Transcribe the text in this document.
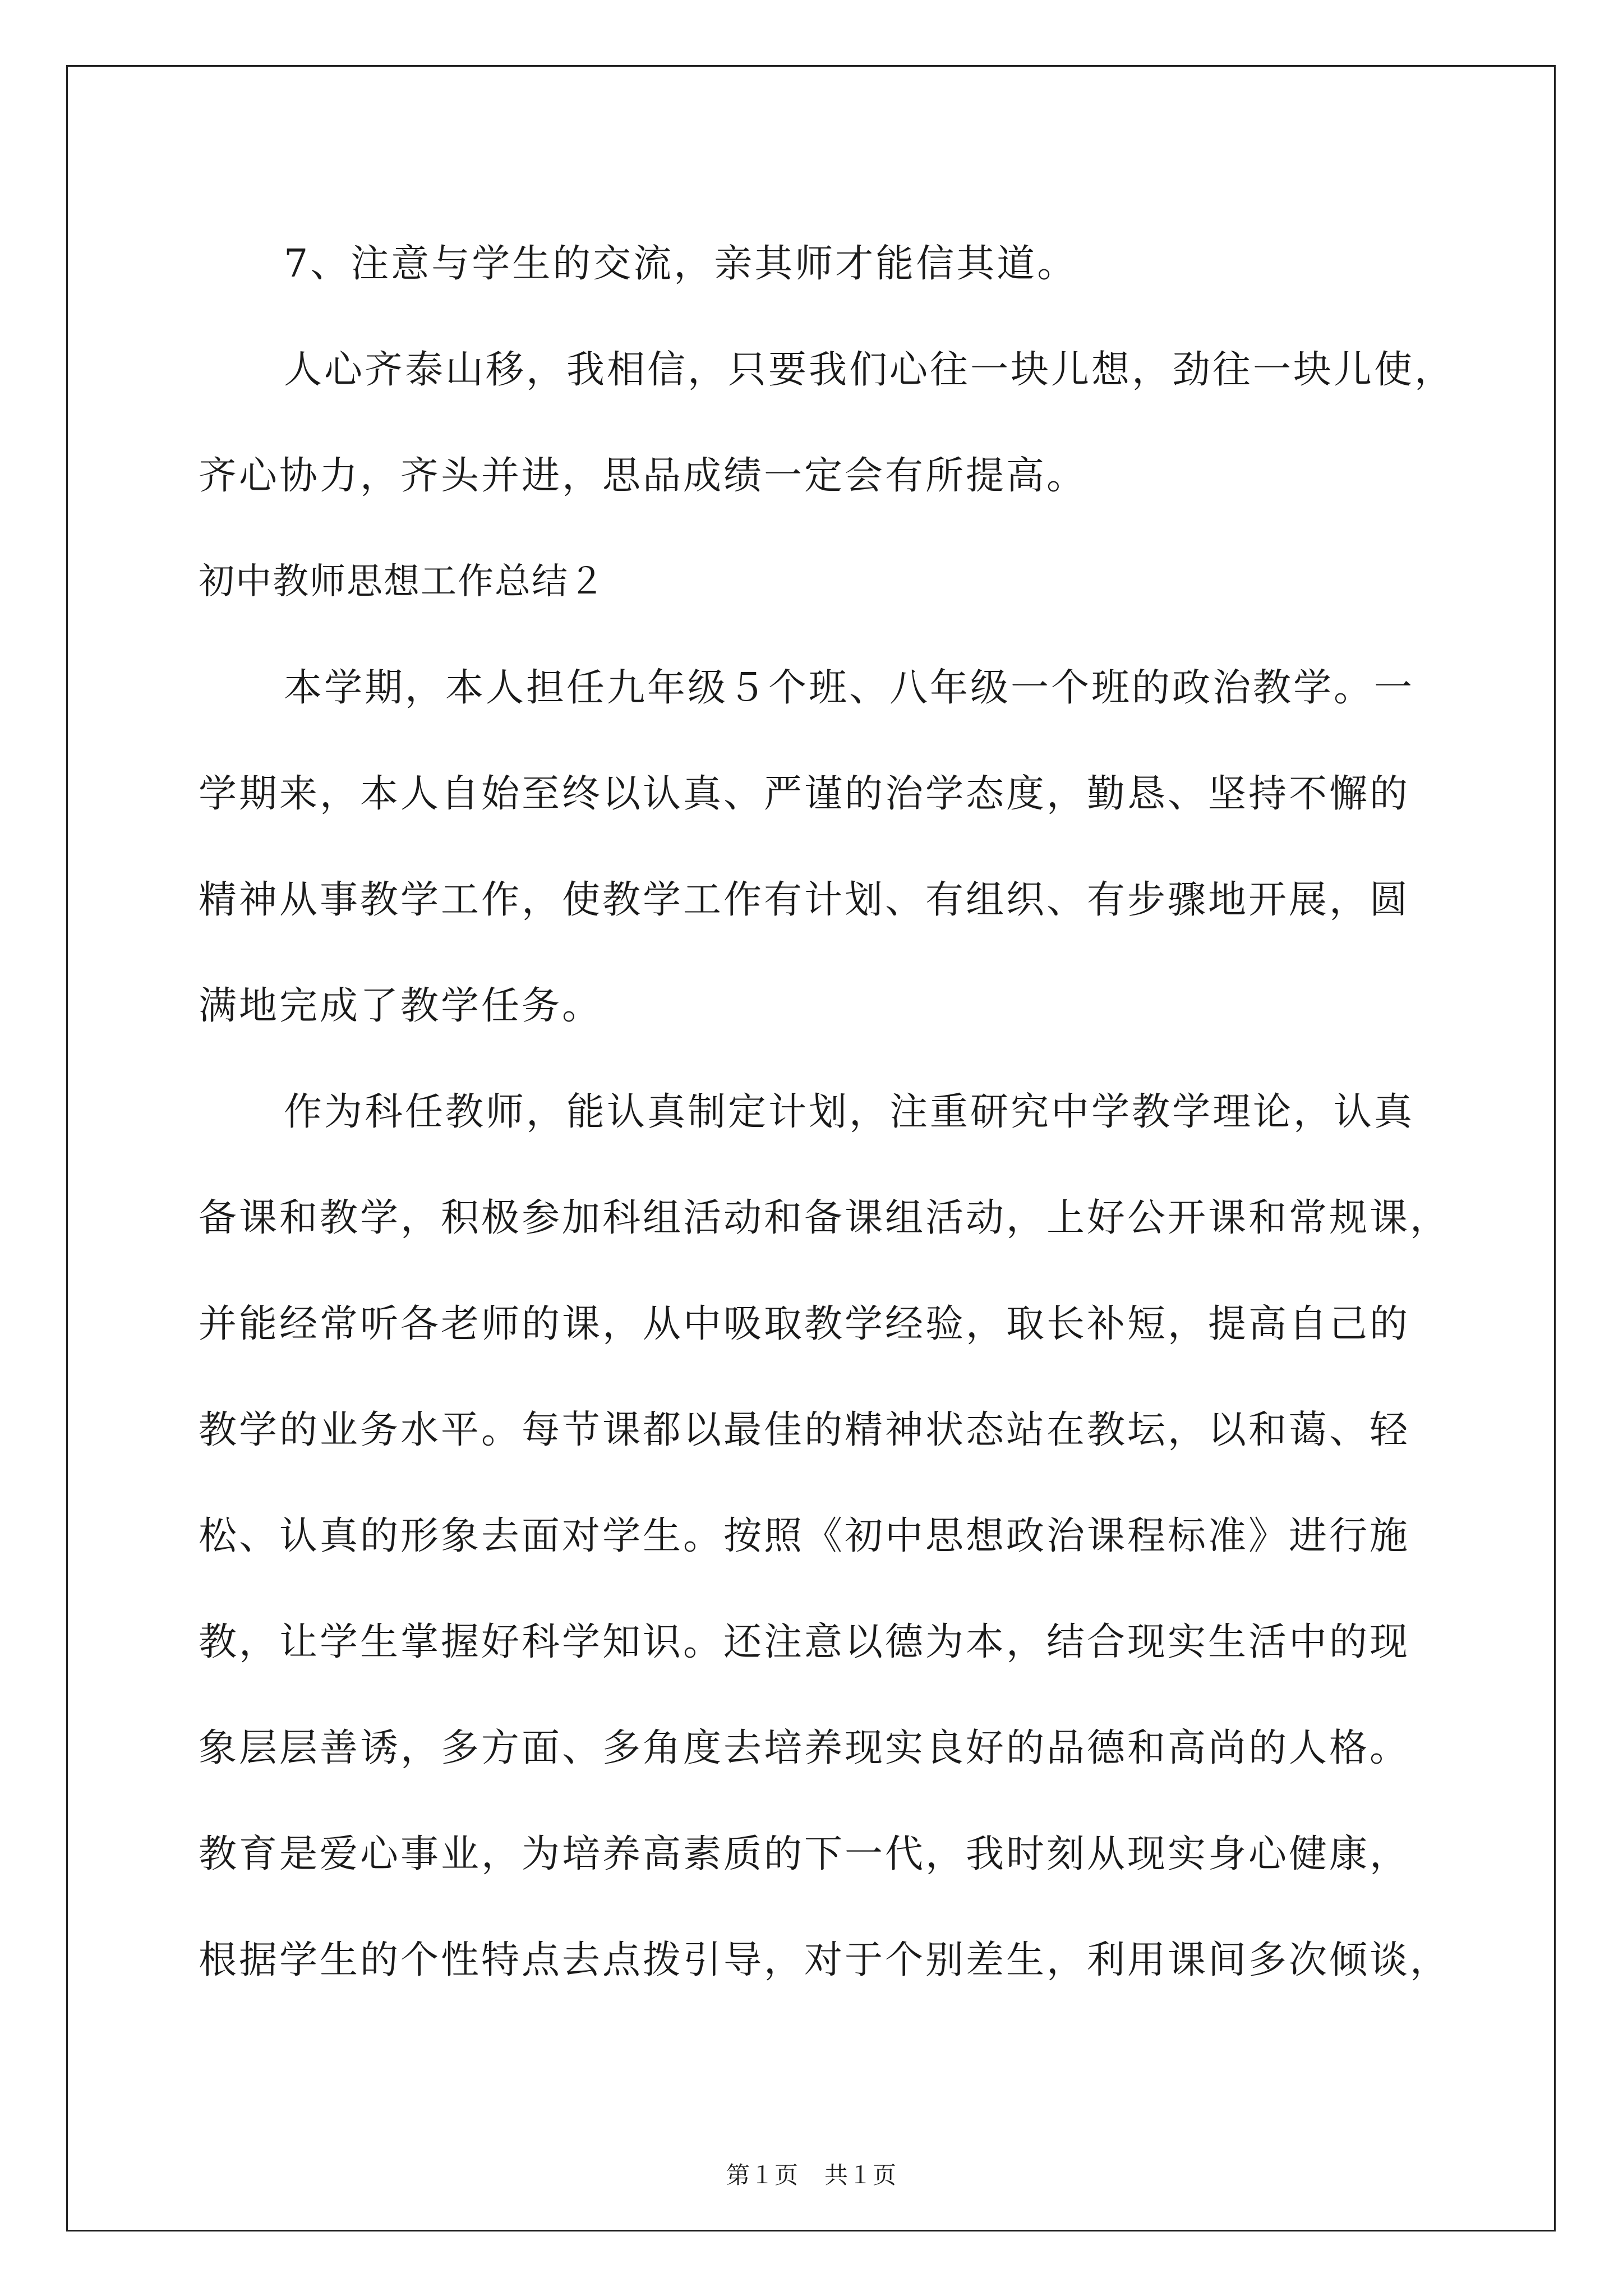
7、注意与学生的交流，亲其师才能信其道。
人心齐泰山移，我相信，只要我们心往一块儿想，劲往一块儿使，
齐心协力，齐头并进，思品成绩一定会有所提高。
初中教师思想工作总结２
本学期，本人担任九年级５个班、八年级一个班的政治教学。一
学期来，本人自始至终以认真、严谨的治学态度，勤恳、坚持不懈的
精神从事教学工作，使教学工作有计划、有组织、有步骤地开展，圆
满地完成了教学任务。
作为科任教师，能认真制定计划，注重研究中学教学理论，认真
备课和教学，积极参加科组活动和备课组活动，上好公开课和常规课，
并能经常听各老师的课，从中吸取教学经验，取长补短，提高自己的
教学的业务水平。每节课都以最佳的精神状态站在教坛，以和蔼、轻
松、认真的形象去面对学生。按照《初中思想政治课程标准》进行施
教，让学生掌握好科学知识。还注意以德为本，结合现实生活中的现
象层层善诱，多方面、多角度去培养现实良好的品德和高尚的人格。
教育是爱心事业，为培养高素质的下一代，我时刻从现实身心健康，
根据学生的个性特点去点拨引导，对于个别差生，利用课间多次倾谈，
第１页 共１页
